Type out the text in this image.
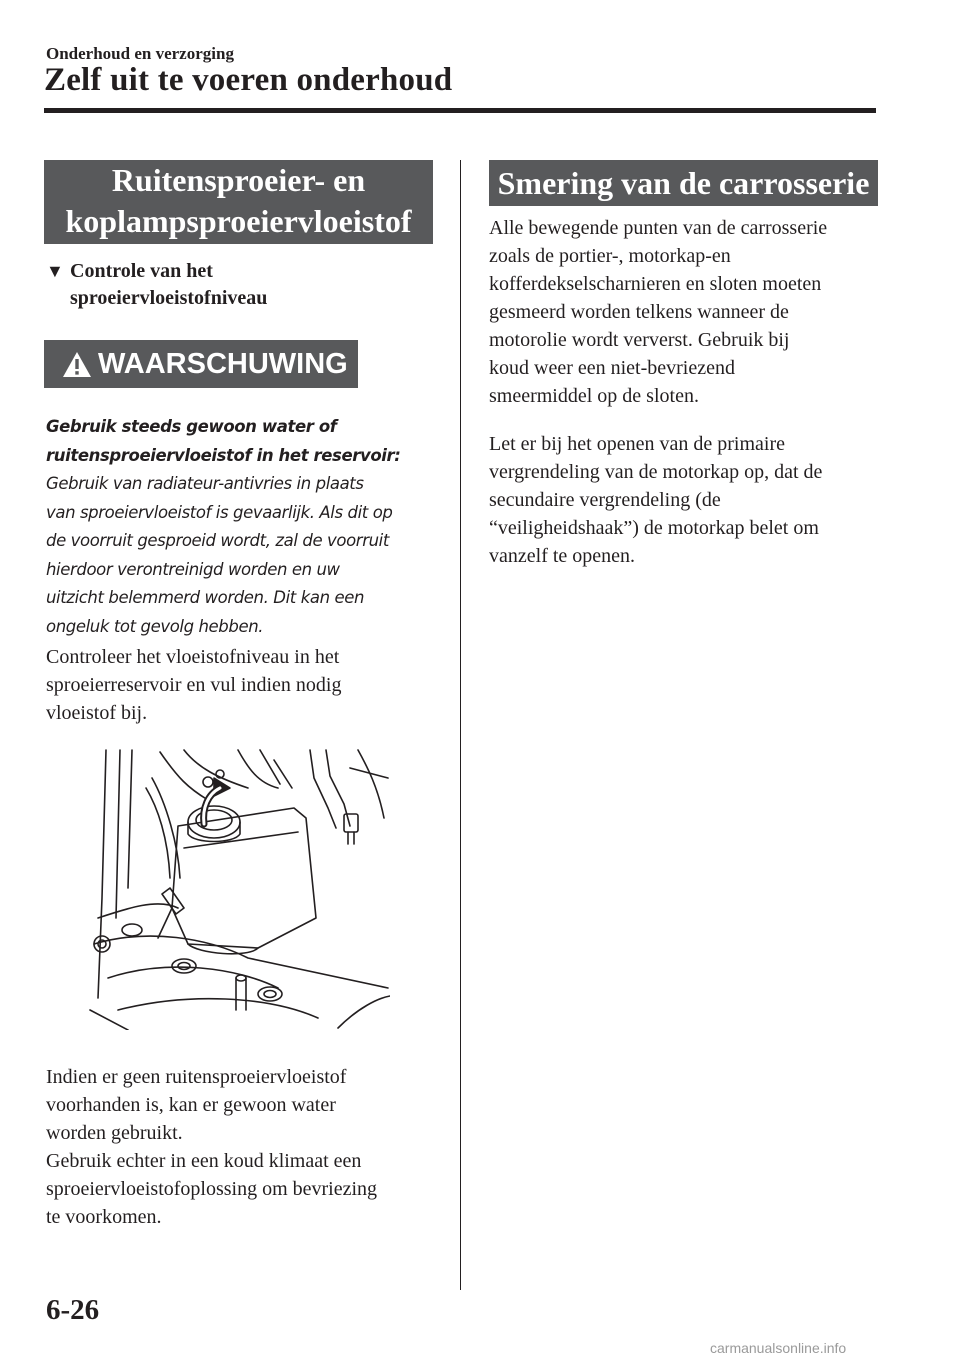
Onderhoud en verzorging
Zelf uit te voeren onderhoud
Ruitensproeier- en
koplampsproeiervloeistof
▼ Controle van het
sproeiervloeistofniveau
WAARSCHUWING
Gebruik steeds gewoon water of
ruitensproeiervloeistof in het reservoir:
Gebruik van radiateur-antivries in plaats
van sproeiervloeistof is gevaarlijk. Als dit op
de voorruit gesproeid wordt, zal de voorruit
hierdoor verontreinigd worden en uw
uitzicht belemmerd worden. Dit kan een
ongeluk tot gevolg hebben.

Controleer het vloeistofniveau in het

sproeierreservoir en vul indien nodig

vloeistof bij.

Indien er geen ruitensproeiervloeistof

voorhanden is, kan er gewoon water

worden gebruikt.

Gebruik echter in een koud klimaat een

sproeiervloeistofoplossing om bevriezing

te voorkomen.

Smering van de carrosserie

Alle bewegende punten van de carrosserie

zoals de portier-, motorkap-en

kofferdekselscharnieren en sloten moeten

gesmeerd worden telkens wanneer de

motorolie wordt ververst. Gebruik bij

koud weer een niet-bevriezend

smeermiddel op de sloten.

Let er bij het openen van de primaire

vergrendeling van de motorkap op, dat de

secundaire vergrendeling (de

“veiligheidshaak”) de motorkap belet om

vanzelf te openen.

6-26
carmanualsonline.info
